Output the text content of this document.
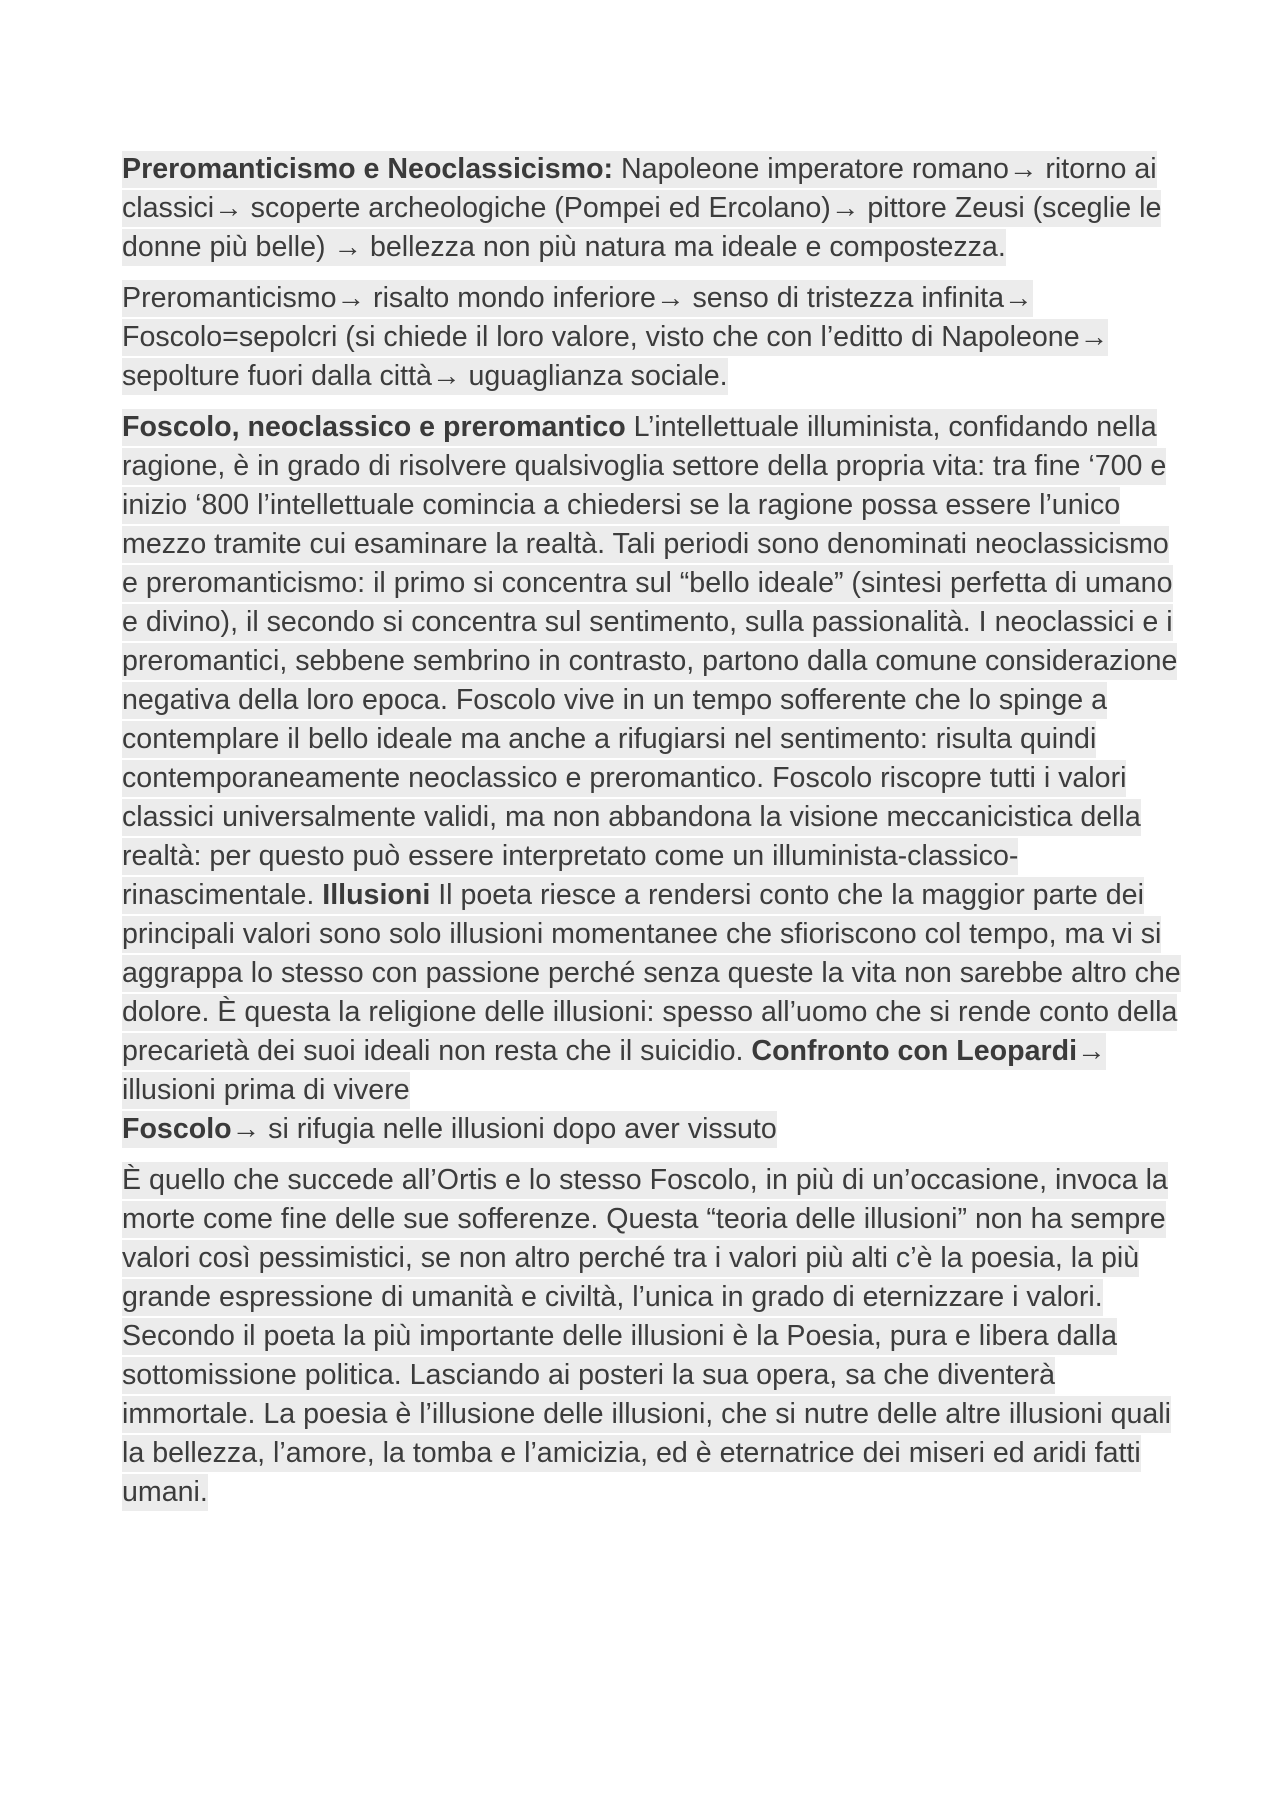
Preromanticismo e Neoclassicismo: Napoleone imperatore romano→ ritorno ai classici→ scoperte archeologiche (Pompei ed Ercolano)→ pittore Zeusi (sceglie le donne più belle) → bellezza non più natura ma ideale e compostezza.

Preromanticismo→ risalto mondo inferiore→ senso di tristezza infinita→ Foscolo=sepolcri (si chiede il loro valore, visto che con l’editto di Napoleone→ sepolture fuori dalla città→ uguaglianza sociale.

Foscolo, neoclassico e preromantico L’intellettuale illuminista, confidando nella ragione, è in grado di risolvere qualsivoglia settore della propria vita: tra fine ‘700 e inizio ‘800 l’intellettuale comincia a chiedersi se la ragione possa essere l’unico mezzo tramite cui esaminare la realtà. Tali periodi sono denominati neoclassicismo e preromanticismo: il primo si concentra sul “bello ideale” (sintesi perfetta di umano e divino), il secondo si concentra sul sentimento, sulla passionalità. I neoclassici e i preromantici, sebbene sembrino in contrasto, partono dalla comune considerazione negativa della loro epoca. Foscolo vive in un tempo sofferente che lo spinge a contemplare il bello ideale ma anche a rifugiarsi nel sentimento: risulta quindi contemporaneamente neoclassico e preromantico. Foscolo riscopre tutti i valori classici universalmente validi, ma non abbandona la visione meccanicistica della realtà: per questo può essere interpretato come un illuminista-classico-rinascimentale. Illusioni Il poeta riesce a rendersi conto che la maggior parte dei principali valori sono solo illusioni momentanee che sfioriscono col tempo, ma vi si aggrappa lo stesso con passione perché senza queste la vita non sarebbe altro che dolore. È questa la religione delle illusioni: spesso all’uomo che si rende conto della precarietà dei suoi ideali non resta che il suicidio. Confronto con Leopardi→ illusioni prima di vivere
Foscolo→ si rifugia nelle illusioni dopo aver vissuto

È quello che succede all’Ortis e lo stesso Foscolo, in più di un’occasione, invoca la morte come fine delle sue sofferenze. Questa “teoria delle illusioni” non ha sempre valori così pessimistici, se non altro perché tra i valori più alti c’è la poesia, la più grande espressione di umanità e civiltà, l’unica in grado di eternizzare i valori. Secondo il poeta la più importante delle illusioni è la Poesia, pura e libera dalla sottomissione politica. Lasciando ai posteri la sua opera, sa che diventerà immortale. La poesia è l’illusione delle illusioni, che si nutre delle altre illusioni quali la bellezza, l’amore, la tomba e l’amicizia, ed è eternatrice dei miseri ed aridi fatti umani.
